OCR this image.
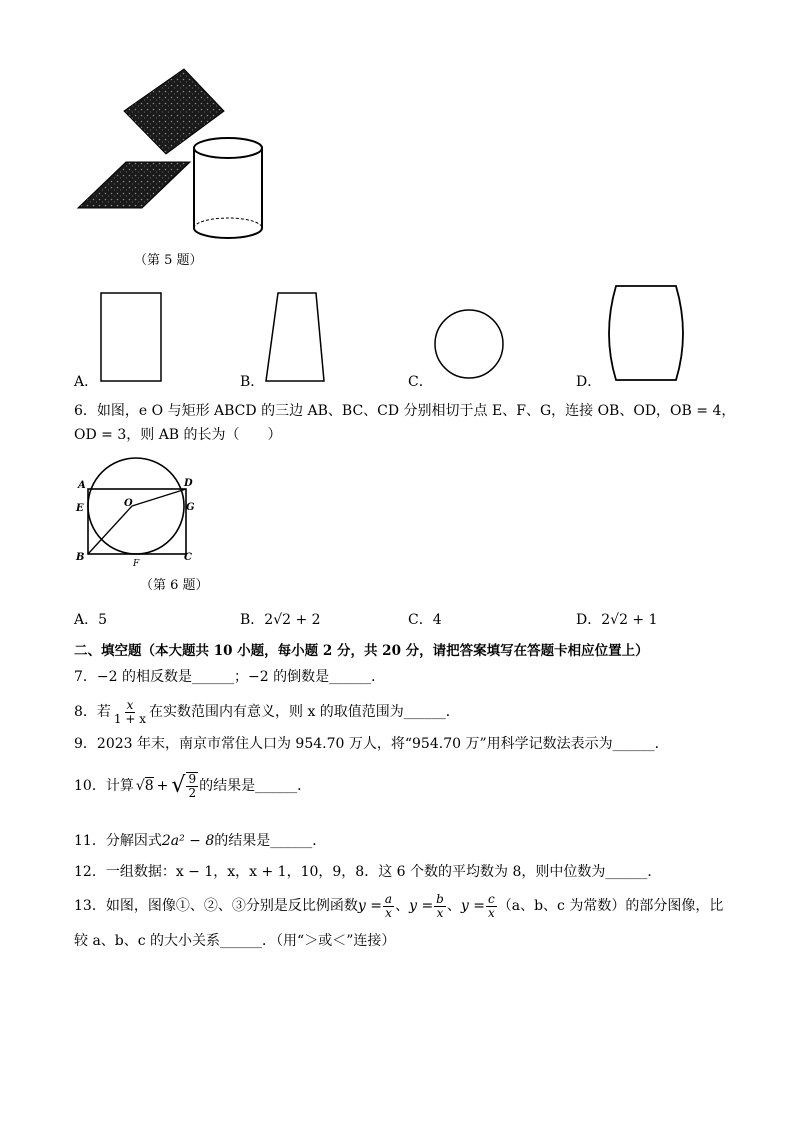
（第 5 题）
A．	B．	C．	D．
6．如图，e O 与矩形 ABCD 的三边 AB、BC、CD 分别相切于点 E、F、G，连接 OB、OD，OB = 4，
OD = 3，则 AB 的长为（　　）
A	D
E	G
O
B	C
F
（第 6 题）
A．5	B．2√2 + 2	C．4	D．2√2 + 1
二、填空题（本大题共 10 小题，每小题 2 分，共 20 分，请把答案填写在答题卡相应位置上）
7．−2 的相反数是______；−2 的倒数是______．
8．若 $\frac{x}{1 + x}$ 在实数范围内有意义，则 x 的取值范围为______．
9．2023 年末，南京市常住人口为 954.70 万人，将“954.70 万”用科学记数法表示为______．
10．计算 √8 + √ $\frac{9}{2}$ 的结果是______．
11．分解因式2a² − 8的结果是______．
12．一组数据：x − 1，x，x + 1，10，9，8．这 6 个数的平均数为 8，则中位数为______．
13．如图，图像①、②、③分别是反比例函数 $y = \frac{a}{x}$ 、 $y = \frac{b}{x}$ 、 $y = \frac{c}{x} (a$、b、c 为常数）的部分图像，比
较 a、b、c 的大小关系______．（用“＞或＜”连接）
